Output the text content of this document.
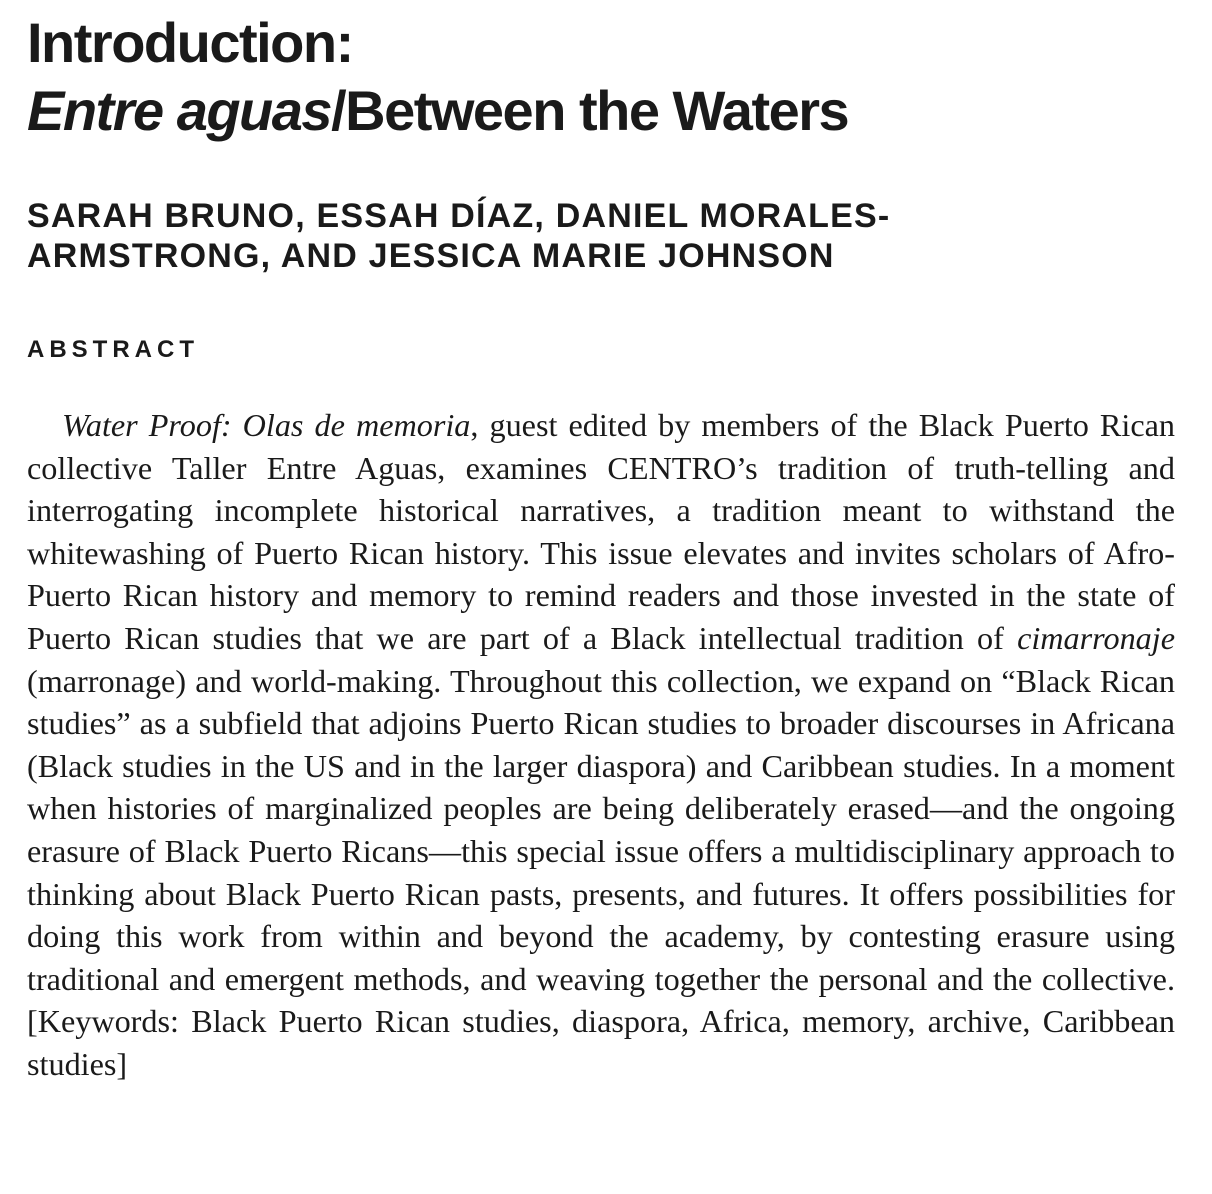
Introduction:
Entre aguas/Between the Waters
SARAH BRUNO, ESSAH DÍAZ, DANIEL MORALES-
ARMSTRONG, AND JESSICA MARIE JOHNSON
ABSTRACT

Water Proof: Olas de memoria, guest edited by members of the Black Puerto Rican collective Taller Entre Aguas, examines CENTRO’s tradition of truth-telling and interrogating incomplete historical narratives, a tradition meant to withstand the whitewashing of Puerto Rican history. This issue elevates and invites scholars of Afro-Puerto Rican history and memory to remind readers and those invested in the state of Puerto Rican studies that we are part of a Black intellectual tradition of cimarronaje (marronage) and world-making. Throughout this collection, we expand on “Black Rican studies” as a subfield that adjoins Puerto Rican studies to broader discourses in Africana (Black studies in the US and in the larger diaspora) and Caribbean studies. In a moment when histories of marginalized peoples are being deliberately erased—and the ongoing erasure of Black Puerto Ricans—this special issue offers a multidisciplinary approach to thinking about Black Puerto Rican pasts, presents, and futures. It offers possibilities for doing this work from within and beyond the academy, by contesting erasure using traditional and emergent methods, and weaving together the personal and the collective. [Keywords: Black Puerto Rican studies, diaspora, Africa, memory, archive, Caribbean studies]
